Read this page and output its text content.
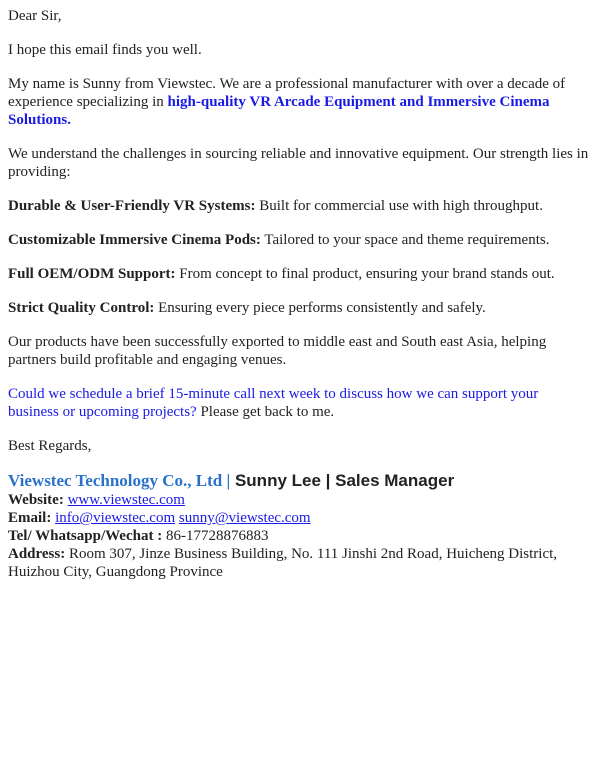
Dear Sir,

I hope this email finds you well.

My name is Sunny from Viewstec. We are a professional manufacturer with over a decade of experience specializing in high-quality VR Arcade Equipment and Immersive Cinema Solutions.

We understand the challenges in sourcing reliable and innovative equipment. Our strength lies in providing:

Durable & User-Friendly VR Systems: Built for commercial use with high throughput.

Customizable Immersive Cinema Pods: Tailored to your space and theme requirements.

Full OEM/ODM Support: From concept to final product, ensuring your brand stands out.

Strict Quality Control: Ensuring every piece performs consistently and safely.

Our products have been successfully exported to middle east and South east Asia, helping partners build profitable and engaging venues.

Could we schedule a brief 15-minute call next week to discuss how we can support your business or upcoming projects? Please get back to me.

Best Regards,

Viewstec Technology Co., Ltd | Sunny Lee | Sales Manager
Website: www.viewstec.com
Email: info@viewstec.com sunny@viewstec.com
Tel/ Whatsapp/Wechat : 86-17728876883
Address: Room 307, Jinze Business Building, No. 111 Jinshi 2nd Road, Huicheng District, Huizhou City, Guangdong Province
